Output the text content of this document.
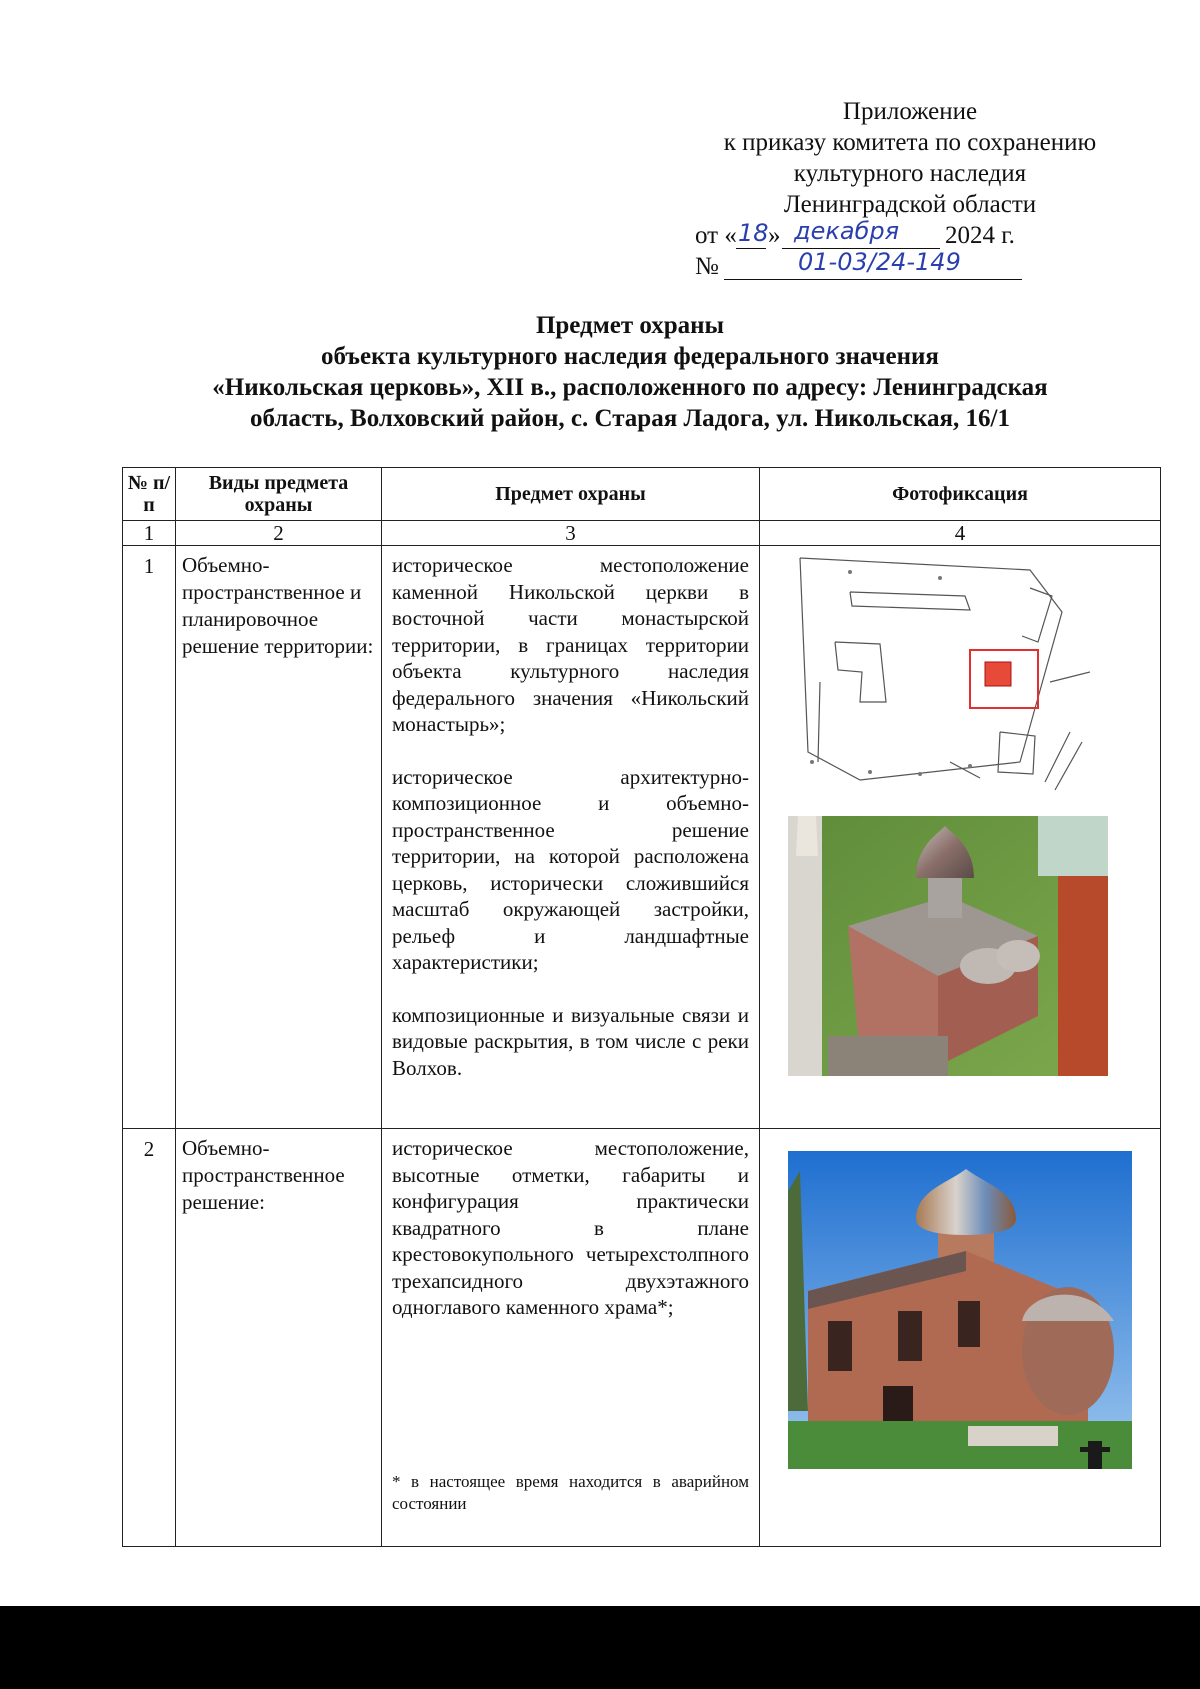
Приложение
к приказу комитета по сохранению
культурного наследия
Ленинградской области
от « 18 » декабря 2024 г.
№	01-03/24-149
Предмет охраны
объекта культурного наследия федерального значения
«Никольская церковь», XII в., расположенного по адресу: Ленинградская
область, Волховский район, с. Старая Ладога, ул. Никольская, 16/1
№ п/п	Виды предмета охраны	Предмет охраны	Фотофиксация
1	2	3	4
1	Объемно-пространственное и планировочное решение территории:	историческое местоположение каменной Никольской церкви в восточной части монастырской территории, в границах территории объекта культурного наследия федерального значения «Никольский монастырь»;

историческое архитектурно-композиционное и объемно-пространственное решение территории, на которой расположена церковь, исторически сложившийся масштаб окружающей застройки, рельеф и ландшафтные характеристики;

композиционные и визуальные связи и видовые раскрытия, в том числе с реки Волхов.

2	Объемно-пространственное решение:	историческое местоположение, высотные отметки, габариты и конфигурация практически квадратного в плане крестовокупольного четырехстолпного трехапсидного двухэтажного одноглавого каменного храма*;

* в настоящее время находится в аварийном состоянии
